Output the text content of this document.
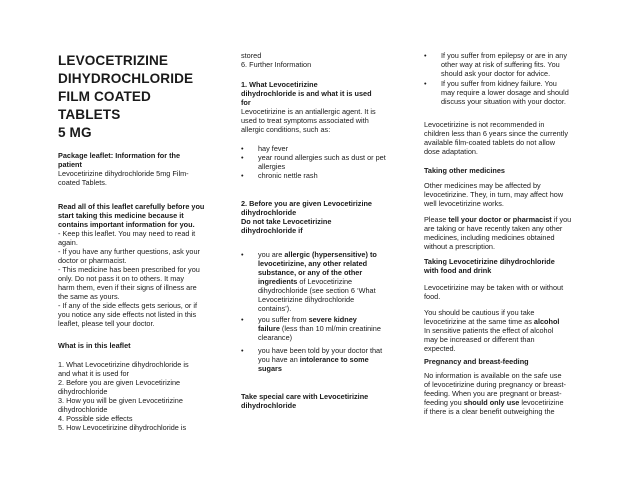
LEVOCETRIZINE
DIHYDROCHLORIDE
FILM COATED
TABLETS
5 MG
Package leaflet: Information for the
patient
Levocetirizine dihydrochloride 5mg Film-
coated Tablets.
Read all of this leaflet carefully before you
start taking this medicine because it
contains important information for you.
- Keep this leaflet. You may need to read it
again.
- If you have any further questions, ask your
doctor or pharmacist.
- This medicine has been prescribed for you
only. Do not pass it on to others. It may
harm them, even if their signs of illness are
the same as yours.
- If any of the side effects gets serious, or if
you notice any side effects not listed in this
leaflet, please tell your doctor.
What is in this leaflet
1. What Levocetirizine dihydrochloride is
and what it is used for
2. Before you are given Levocetirizine
dihydrochloride
3. How you will be given Levocetirizine
dihydrochloride
4. Possible side effects
5. How Levocetirizine dihydrochloride is
stored
6. Further Information
1. What Levocetirizine
dihydrochloride is and what it is used
for
Levocetirizine is an antiallergic agent. It is
used to treat symptoms associated with
allergic conditions, such as:
• hay fever
• year round allergies such as dust or pet
allergies
• chronic nettle rash
2. Before you are given Levocetirizine
dihydrochloride
Do not take Levocetirizine
dihydrochloride if
• you are allergic (hypersensitive) to
levocetirizine, any other related
substance, or any of the other
ingredients of Levocetirizine
dihydrochloride (see section 6 ‘What
Levocetirizine dihydrochloride
contains’).
• you suffer from severe kidney
failure (less than 10 ml/min creatinine
clearance)
• you have been told by your doctor that
you have an intolerance to some
sugars
Take special care with Levocetirizine
dihydrochloride
• If you suffer from epilepsy or are in any
other way at risk of suffering fits. You
should ask your doctor for advice.
• If you suffer from kidney failure. You
may require a lower dosage and should
discuss your situation with your doctor.
Levocetirizine is not recommended in
children less than 6 years since the currently
available film-coated tablets do not allow
dose adaptation.
Taking other medicines
Other medicines may be affected by
levocetirizine. They, in turn, may affect how
well levocetirizine works.
Please tell your doctor or pharmacist if you
are taking or have recently taken any other
medicines, including medicines obtained
without a prescription.
Taking Levocetirizine dihydrochloride
with food and drink
Levocetirizine may be taken with or without
food.
You should be cautious if you take
levocetirizine at the same time as alcohol
In sensitive patients the effect of alcohol
may be increased or different than
expected.
Pregnancy and breast-feeding
No information is available on the safe use
of levocetirizine during pregnancy or breast-
feeding. When you are pregnant or breast-
feeding you should only use levocetirizine
if there is a clear benefit outweighing the
